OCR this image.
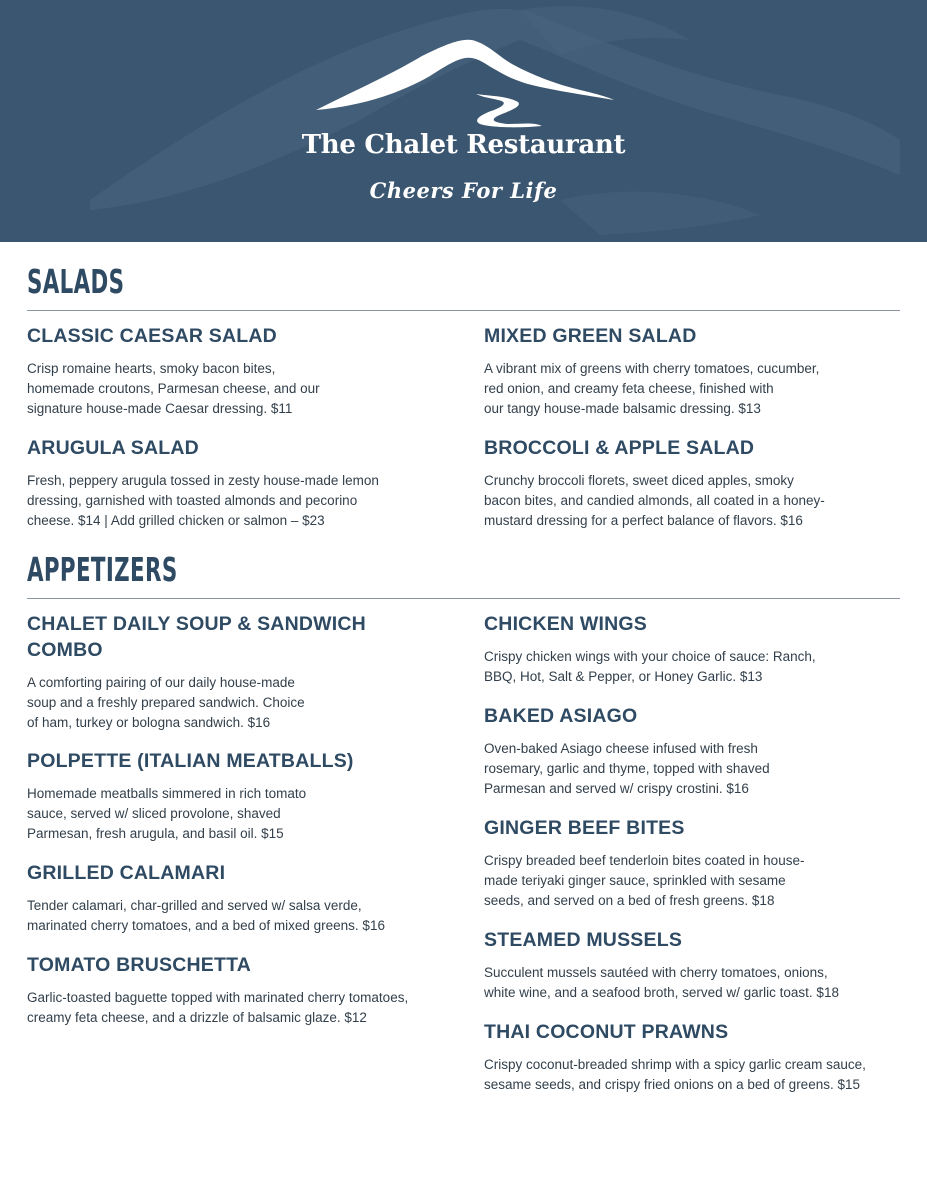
The Chalet Restaurant
Cheers For Life
SALADS
CLASSIC CAESAR SALAD

Crisp romaine hearts, smoky bacon bites,
homemade croutons, Parmesan cheese, and our
signature house-made Caesar dressing. $11

MIXED GREEN SALAD

A vibrant mix of greens with cherry tomatoes, cucumber,
red onion, and creamy feta cheese, finished with
our tangy house-made balsamic dressing. $13

ARUGULA SALAD

Fresh, peppery arugula tossed in zesty house-made lemon
dressing, garnished with toasted almonds and pecorino
cheese. $14 | Add grilled chicken or salmon – $23

BROCCOLI & APPLE SALAD

Crunchy broccoli florets, sweet diced apples, smoky
bacon bites, and candied almonds, all coated in a honey-
mustard dressing for a perfect balance of flavors. $16

APPETIZERS
CHALET DAILY SOUP & SANDWICH
COMBO

A comforting pairing of our daily house-made
soup and a freshly prepared sandwich. Choice
of ham, turkey or bologna sandwich. $16

POLPETTE (ITALIAN MEATBALLS)

Homemade meatballs simmered in rich tomato
sauce, served w/ sliced provolone, shaved
Parmesan, fresh arugula, and basil oil. $15

GRILLED CALAMARI

Tender calamari, char-grilled and served w/ salsa verde,
marinated cherry tomatoes, and a bed of mixed greens. $16

TOMATO BRUSCHETTA

Garlic-toasted baguette topped with marinated cherry tomatoes,
creamy feta cheese, and a drizzle of balsamic glaze. $12

CHICKEN WINGS

Crispy chicken wings with your choice of sauce: Ranch,
BBQ, Hot, Salt & Pepper, or Honey Garlic. $13

BAKED ASIAGO

Oven-baked Asiago cheese infused with fresh
rosemary, garlic and thyme, topped with shaved
Parmesan and served w/ crispy crostini. $16

GINGER BEEF BITES

Crispy breaded beef tenderloin bites coated in house-
made teriyaki ginger sauce, sprinkled with sesame
seeds, and served on a bed of fresh greens. $18

STEAMED MUSSELS

Succulent mussels sautéed with cherry tomatoes, onions,
white wine, and a seafood broth, served w/ garlic toast. $18

THAI COCONUT PRAWNS

Crispy coconut-breaded shrimp with a spicy garlic cream sauce,
sesame seeds, and crispy fried onions on a bed of greens. $15
